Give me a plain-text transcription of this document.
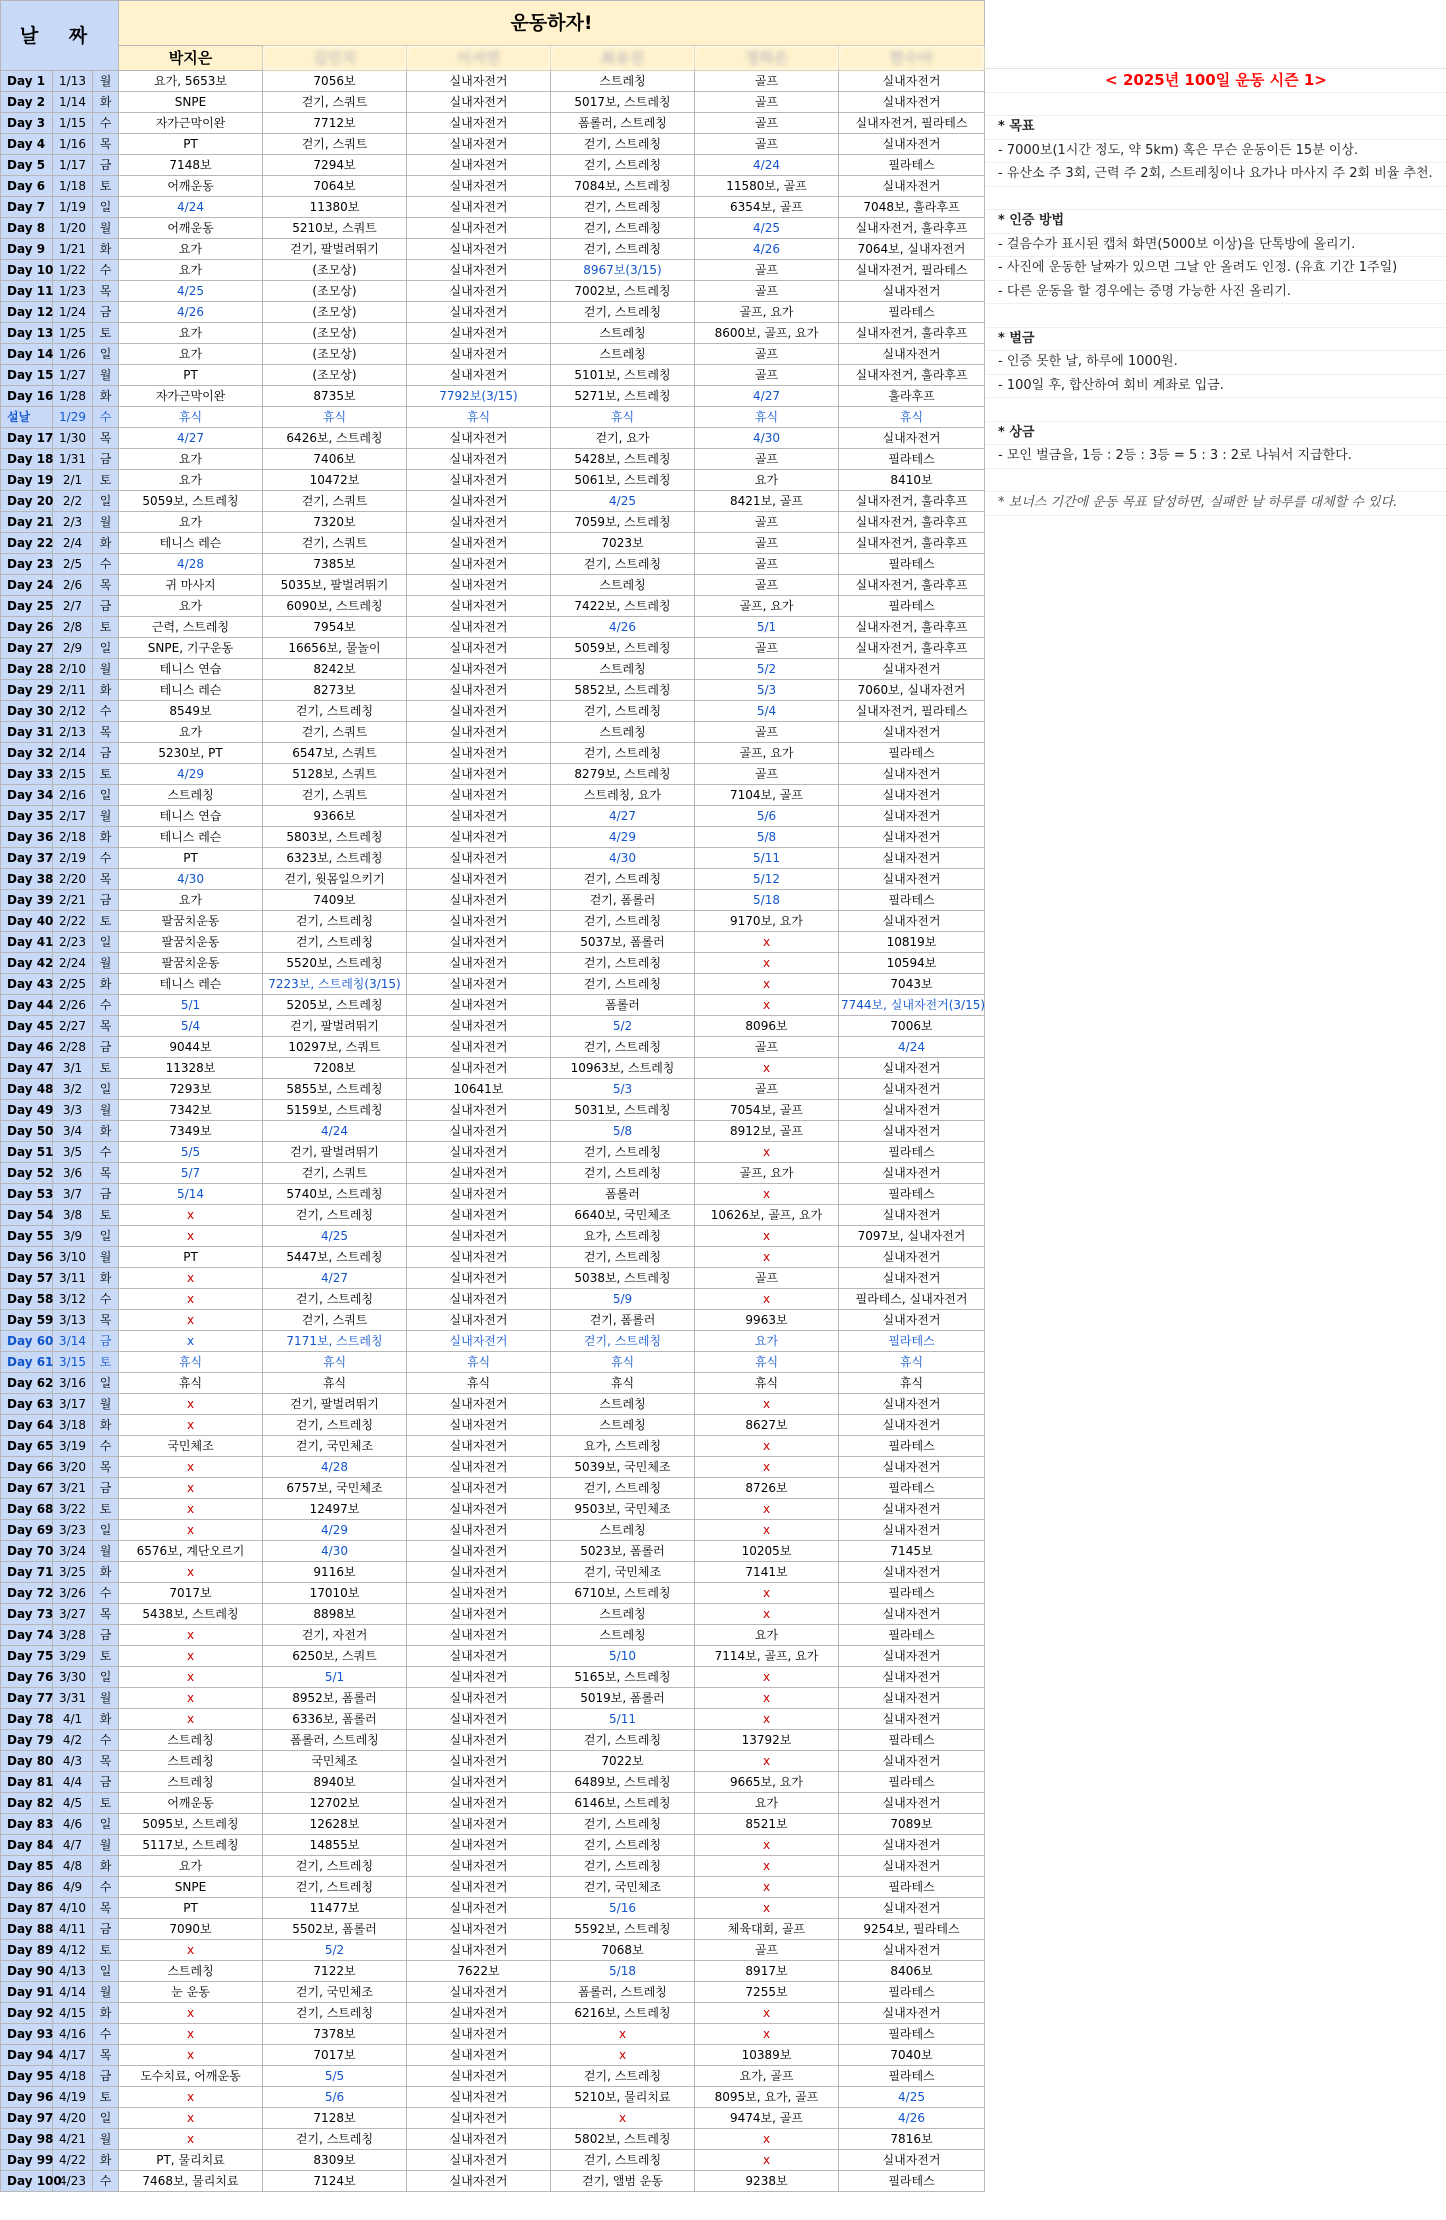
날 짜			운동하자!					
			박지은	김민지	이서연	최유진	정하은	한수아
Day 1	1/13	월	요가, 5653보	7056보	실내자전거	스트레칭	골프	실내자전거
Day 2	1/14	화	SNPE	걷기, 스쿼트	실내자전거	5017보, 스트레칭	골프	실내자전거
Day 3	1/15	수	자가근막이완	7712보	실내자전거	폼롤러, 스트레칭	골프	실내자전거, 필라테스
Day 4	1/16	목	PT	걷기, 스쿼트	실내자전거	걷기, 스트레칭	골프	실내자전거
Day 5	1/17	금	7148보	7294보	실내자전거	걷기, 스트레칭	4/24	필라테스
Day 6	1/18	토	어깨운동	7064보	실내자전거	7084보, 스트레칭	11580보, 골프	실내자전거
Day 7	1/19	일	4/24	11380보	실내자전거	걷기, 스트레칭	6354보, 골프	7048보, 훌라후프
Day 8	1/20	월	어깨운동	5210보, 스쿼트	실내자전거	걷기, 스트레칭	4/25	실내자전거, 훌라후프
Day 9	1/21	화	요가	걷기, 팔벌려뛰기	실내자전거	걷기, 스트레칭	4/26	7064보, 실내자전거
Day 10	1/22	수	요가	(조모상)	실내자전거	8967보(3/15)	골프	실내자전거, 필라테스
Day 11	1/23	목	4/25	(조모상)	실내자전거	7002보, 스트레칭	골프	실내자전거
Day 12	1/24	금	4/26	(조모상)	실내자전거	걷기, 스트레칭	골프, 요가	필라테스
Day 13	1/25	토	요가	(조모상)	실내자전거	스트레칭	8600보, 골프, 요가	실내자전거, 훌라후프
Day 14	1/26	일	요가	(조모상)	실내자전거	스트레칭	골프	실내자전거
Day 15	1/27	월	PT	(조모상)	실내자전거	5101보, 스트레칭	골프	실내자전거, 훌라후프
Day 16	1/28	화	자가근막이완	8735보	7792보(3/15)	5271보, 스트레칭	4/27	훌라후프
설날	1/29	수	휴식	휴식	휴식	휴식	휴식	휴식
Day 17	1/30	목	4/27	6426보, 스트레칭	실내자전거	걷기, 요가	4/30	실내자전거
Day 18	1/31	금	요가	7406보	실내자전거	5428보, 스트레칭	골프	필라테스
Day 19	2/1	토	요가	10472보	실내자전거	5061보, 스트레칭	요가	8410보
Day 20	2/2	일	5059보, 스트레칭	걷기, 스쿼트	실내자전거	4/25	8421보, 골프	실내자전거, 훌라후프
Day 21	2/3	월	요가	7320보	실내자전거	7059보, 스트레칭	골프	실내자전거, 훌라후프
Day 22	2/4	화	테니스 레슨	걷기, 스쿼트	실내자전거	7023보	골프	실내자전거, 훌라후프
Day 23	2/5	수	4/28	7385보	실내자전거	걷기, 스트레칭	골프	필라테스
Day 24	2/6	목	귀 마사지	5035보, 팔벌려뛰기	실내자전거	스트레칭	골프	실내자전거, 훌라후프
Day 25	2/7	금	요가	6090보, 스트레칭	실내자전거	7422보, 스트레칭	골프, 요가	필라테스
Day 26	2/8	토	근력, 스트레칭	7954보	실내자전거	4/26	5/1	실내자전거, 훌라후프
Day 27	2/9	일	SNPE, 기구운동	16656보, 물놀이	실내자전거	5059보, 스트레칭	골프	실내자전거, 훌라후프
Day 28	2/10	월	테니스 연습	8242보	실내자전거	스트레칭	5/2	실내자전거
Day 29	2/11	화	테니스 레슨	8273보	실내자전거	5852보, 스트레칭	5/3	7060보, 실내자전거
Day 30	2/12	수	8549보	걷기, 스트레칭	실내자전거	걷기, 스트레칭	5/4	실내자전거, 필라테스
Day 31	2/13	목	요가	걷기, 스쿼트	실내자전거	스트레칭	골프	실내자전거
Day 32	2/14	금	5230보, PT	6547보, 스쿼트	실내자전거	걷기, 스트레칭	골프, 요가	필라테스
Day 33	2/15	토	4/29	5128보, 스쿼트	실내자전거	8279보, 스트레칭	골프	실내자전거
Day 34	2/16	일	스트레칭	걷기, 스쿼트	실내자전거	스트레칭, 요가	7104보, 골프	실내자전거
Day 35	2/17	월	테니스 연습	9366보	실내자전거	4/27	5/6	실내자전거
Day 36	2/18	화	테니스 레슨	5803보, 스트레칭	실내자전거	4/29	5/8	실내자전거
Day 37	2/19	수	PT	6323보, 스트레칭	실내자전거	4/30	5/11	실내자전거
Day 38	2/20	목	4/30	걷기, 윗몸일으키기	실내자전거	걷기, 스트레칭	5/12	실내자전거
Day 39	2/21	금	요가	7409보	실내자전거	걷기, 폼롤러	5/18	필라테스
Day 40	2/22	토	팔꿈치운동	걷기, 스트레칭	실내자전거	걷기, 스트레칭	9170보, 요가	실내자전거
Day 41	2/23	일	팔꿈치운동	걷기, 스트레칭	실내자전거	5037보, 폼롤러	x	10819보
Day 42	2/24	월	팔꿈치운동	5520보, 스트레칭	실내자전거	걷기, 스트레칭	x	10594보
Day 43	2/25	화	테니스 레슨	7223보, 스트레칭(3/15)	실내자전거	걷기, 스트레칭	x	7043보
Day 44	2/26	수	5/1	5205보, 스트레칭	실내자전거	폼롤러	x	7744보, 실내자전거(3/15)
Day 45	2/27	목	5/4	걷기, 팔벌려뛰기	실내자전거	5/2	8096보	7006보
Day 46	2/28	금	9044보	10297보, 스쿼트	실내자전거	걷기, 스트레칭	골프	4/24
Day 47	3/1	토	11328보	7208보	실내자전거	10963보, 스트레칭	x	실내자전거
Day 48	3/2	일	7293보	5855보, 스트레칭	10641보	5/3	골프	실내자전거
Day 49	3/3	월	7342보	5159보, 스트레칭	실내자전거	5031보, 스트레칭	7054보, 골프	실내자전거
Day 50	3/4	화	7349보	4/24	실내자전거	5/8	8912보, 골프	실내자전거
Day 51	3/5	수	5/5	걷기, 팔벌려뛰기	실내자전거	걷기, 스트레칭	x	필라테스
Day 52	3/6	목	5/7	걷기, 스쿼트	실내자전거	걷기, 스트레칭	골프, 요가	실내자전거
Day 53	3/7	금	5/14	5740보, 스트레칭	실내자전거	폼롤러	x	필라테스
Day 54	3/8	토	x	걷기, 스트레칭	실내자전거	6640보, 국민체조	10626보, 골프, 요가	실내자전거
Day 55	3/9	일	x	4/25	실내자전거	요가, 스트레칭	x	7097보, 실내자전거
Day 56	3/10	월	PT	5447보, 스트레칭	실내자전거	걷기, 스트레칭	x	실내자전거
Day 57	3/11	화	x	4/27	실내자전거	5038보, 스트레칭	골프	실내자전거
Day 58	3/12	수	x	걷기, 스트레칭	실내자전거	5/9	x	필라테스, 실내자전거
Day 59	3/13	목	x	걷기, 스쿼트	실내자전거	걷기, 폼롤러	9963보	실내자전거
Day 60	3/14	금	x	7171보, 스트레칭	실내자전거	걷기, 스트레칭	요가	필라테스
Day 61	3/15	토	휴식	휴식	휴식	휴식	휴식	휴식
Day 62	3/16	일	휴식	휴식	휴식	휴식	휴식	휴식
Day 63	3/17	월	x	걷기, 팔벌려뛰기	실내자전거	스트레칭	x	실내자전거
Day 64	3/18	화	x	걷기, 스트레칭	실내자전거	스트레칭	8627보	실내자전거
Day 65	3/19	수	국민체조	걷기, 국민체조	실내자전거	요가, 스트레칭	x	필라테스
Day 66	3/20	목	x	4/28	실내자전거	5039보, 국민체조	x	실내자전거
Day 67	3/21	금	x	6757보, 국민체조	실내자전거	걷기, 스트레칭	8726보	필라테스
Day 68	3/22	토	x	12497보	실내자전거	9503보, 국민체조	x	실내자전거
Day 69	3/23	일	x	4/29	실내자전거	스트레칭	x	실내자전거
Day 70	3/24	월	6576보, 계단오르기	4/30	실내자전거	5023보, 폼롤러	10205보	7145보
Day 71	3/25	화	x	9116보	실내자전거	걷기, 국민체조	7141보	실내자전거
Day 72	3/26	수	7017보	17010보	실내자전거	6710보, 스트레칭	x	필라테스
Day 73	3/27	목	5438보, 스트레칭	8898보	실내자전거	스트레칭	x	실내자전거
Day 74	3/28	금	x	걷기, 자전거	실내자전거	스트레칭	요가	필라테스
Day 75	3/29	토	x	6250보, 스쿼트	실내자전거	5/10	7114보, 골프, 요가	실내자전거
Day 76	3/30	일	x	5/1	실내자전거	5165보, 스트레칭	x	실내자전거
Day 77	3/31	월	x	8952보, 폼롤러	실내자전거	5019보, 폼롤러	x	실내자전거
Day 78	4/1	화	x	6336보, 폼롤러	실내자전거	5/11	x	실내자전거
Day 79	4/2	수	스트레칭	폼롤러, 스트레칭	실내자전거	걷기, 스트레칭	13792보	필라테스
Day 80	4/3	목	스트레칭	국민체조	실내자전거	7022보	x	실내자전거
Day 81	4/4	금	스트레칭	8940보	실내자전거	6489보, 스트레칭	9665보, 요가	필라테스
Day 82	4/5	토	어깨운동	12702보	실내자전거	6146보, 스트레칭	요가	실내자전거
Day 83	4/6	일	5095보, 스트레칭	12628보	실내자전거	걷기, 스트레칭	8521보	7089보
Day 84	4/7	월	5117보, 스트레칭	14855보	실내자전거	걷기, 스트레칭	x	실내자전거
Day 85	4/8	화	요가	걷기, 스트레칭	실내자전거	걷기, 스트레칭	x	실내자전거
Day 86	4/9	수	SNPE	걷기, 스트레칭	실내자전거	걷기, 국민체조	x	필라테스
Day 87	4/10	목	PT	11477보	실내자전거	5/16	x	실내자전거
Day 88	4/11	금	7090보	5502보, 폼롤러	실내자전거	5592보, 스트레칭	체육대회, 골프	9254보, 필라테스
Day 89	4/12	토	x	5/2	실내자전거	7068보	골프	실내자전거
Day 90	4/13	일	스트레칭	7122보	7622보	5/18	8917보	8406보
Day 91	4/14	월	눈 운동	걷기, 국민체조	실내자전거	폼롤러, 스트레칭	7255보	필라테스
Day 92	4/15	화	x	걷기, 스트레칭	실내자전거	6216보, 스트레칭	x	실내자전거
Day 93	4/16	수	x	7378보	실내자전거	x	x	필라테스
Day 94	4/17	목	x	7017보	실내자전거	x	10389보	7040보
Day 95	4/18	금	도수치료, 어깨운동	5/5	실내자전거	걷기, 스트레칭	요가, 골프	필라테스
Day 96	4/19	토	x	5/6	실내자전거	5210보, 물리치료	8095보, 요가, 골프	4/25
Day 97	4/20	일	x	7128보	실내자전거	x	9474보, 골프	4/26
Day 98	4/21	월	x	걷기, 스트레칭	실내자전거	5802보, 스트레칭	x	7816보
Day 99	4/22	화	PT, 물리치료	8309보	실내자전거	걷기, 스트레칭	x	실내자전거
Day 100	4/23	수	7468보, 물리치료	7124보	실내자전거	걷기, 앨범 운동	9238보	필라테스
< 2025년 100일 운동 시즌 1>
* 목표
- 7000보(1시간 정도, 약 5km) 혹은 무슨 운동이든 15분 이상.
- 유산소 주 3회, 근력 주 2회, 스트레칭이나 요가나 마사지 주 2회 비율 추천.
* 인증 방법
- 걸음수가 표시된 캡처 화면(5000보 이상)을 단톡방에 올리기.
- 사진에 운동한 날짜가 있으면 그날 안 올려도 인정. (유효 기간 1주일)
- 다른 운동을 할 경우에는 증명 가능한 사진 올리기.
* 벌금
- 인증 못한 날, 하루에 1000원.
- 100일 후, 합산하여 회비 계좌로 입금.
* 상금
- 모인 벌금을, 1등 : 2등 : 3등 = 5 : 3 : 2로 나눠서 지급한다.
* 보너스 기간에 운동 목표 달성하면, 실패한 날 하루를 대체할 수 있다.
